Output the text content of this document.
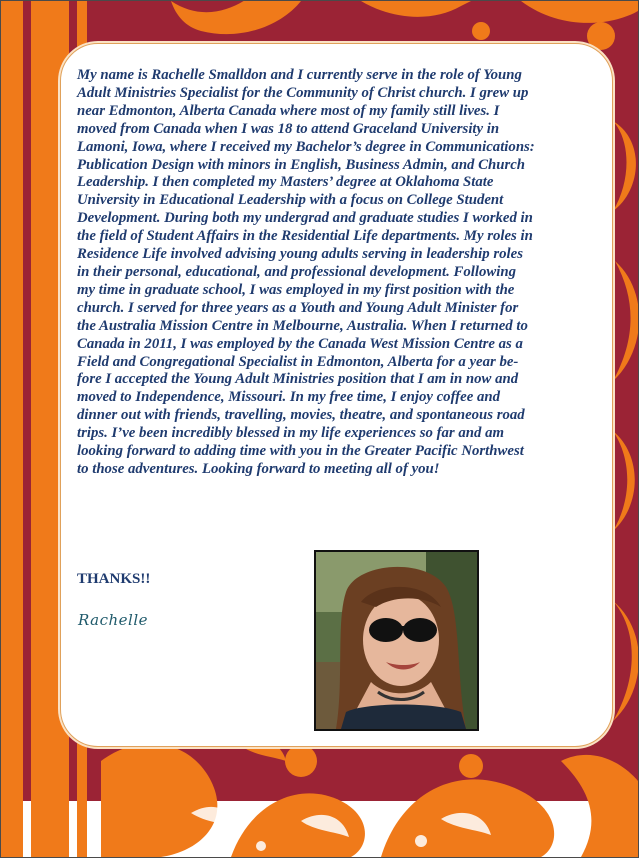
My name is Rachelle Smalldon and I currently serve in the role of Young
Adult Ministries Specialist for the Community of Christ church. I grew up
near Edmonton, Alberta Canada where most of my family still lives. I
moved from Canada when I was 18 to attend Graceland University in
Lamoni, Iowa, where I received my Bachelor’s degree in Communications:
Publication Design with minors in English, Business Admin, and Church
Leadership. I then completed my Masters’ degree at Oklahoma State
University in Educational Leadership with a focus on College Student
Development. During both my undergrad and graduate studies I worked in
the field of Student Affairs in the Residential Life departments. My roles in
Residence Life involved advising young adults serving in leadership roles
in their personal, educational, and professional development. Following
my time in graduate school, I was employed in my first position with the
church. I served for three years as a Youth and Young Adult Minister for
the Australia Mission Centre in Melbourne, Australia. When I returned to
Canada in 2011, I was employed by the Canada West Mission Centre as a
Field and Congregational Specialist in Edmonton, Alberta for a year be-
fore I accepted the Young Adult Ministries position that I am in now and
moved to Independence, Missouri. In my free time, I enjoy coffee and
dinner out with friends, travelling, movies, theatre, and spontaneous road
trips. I’ve been incredibly blessed in my life experiences so far and am
looking forward to adding time with you in the Greater Pacific Northwest
to those adventures. Looking forward to meeting all of you!

THANKS!!

Rachelle
